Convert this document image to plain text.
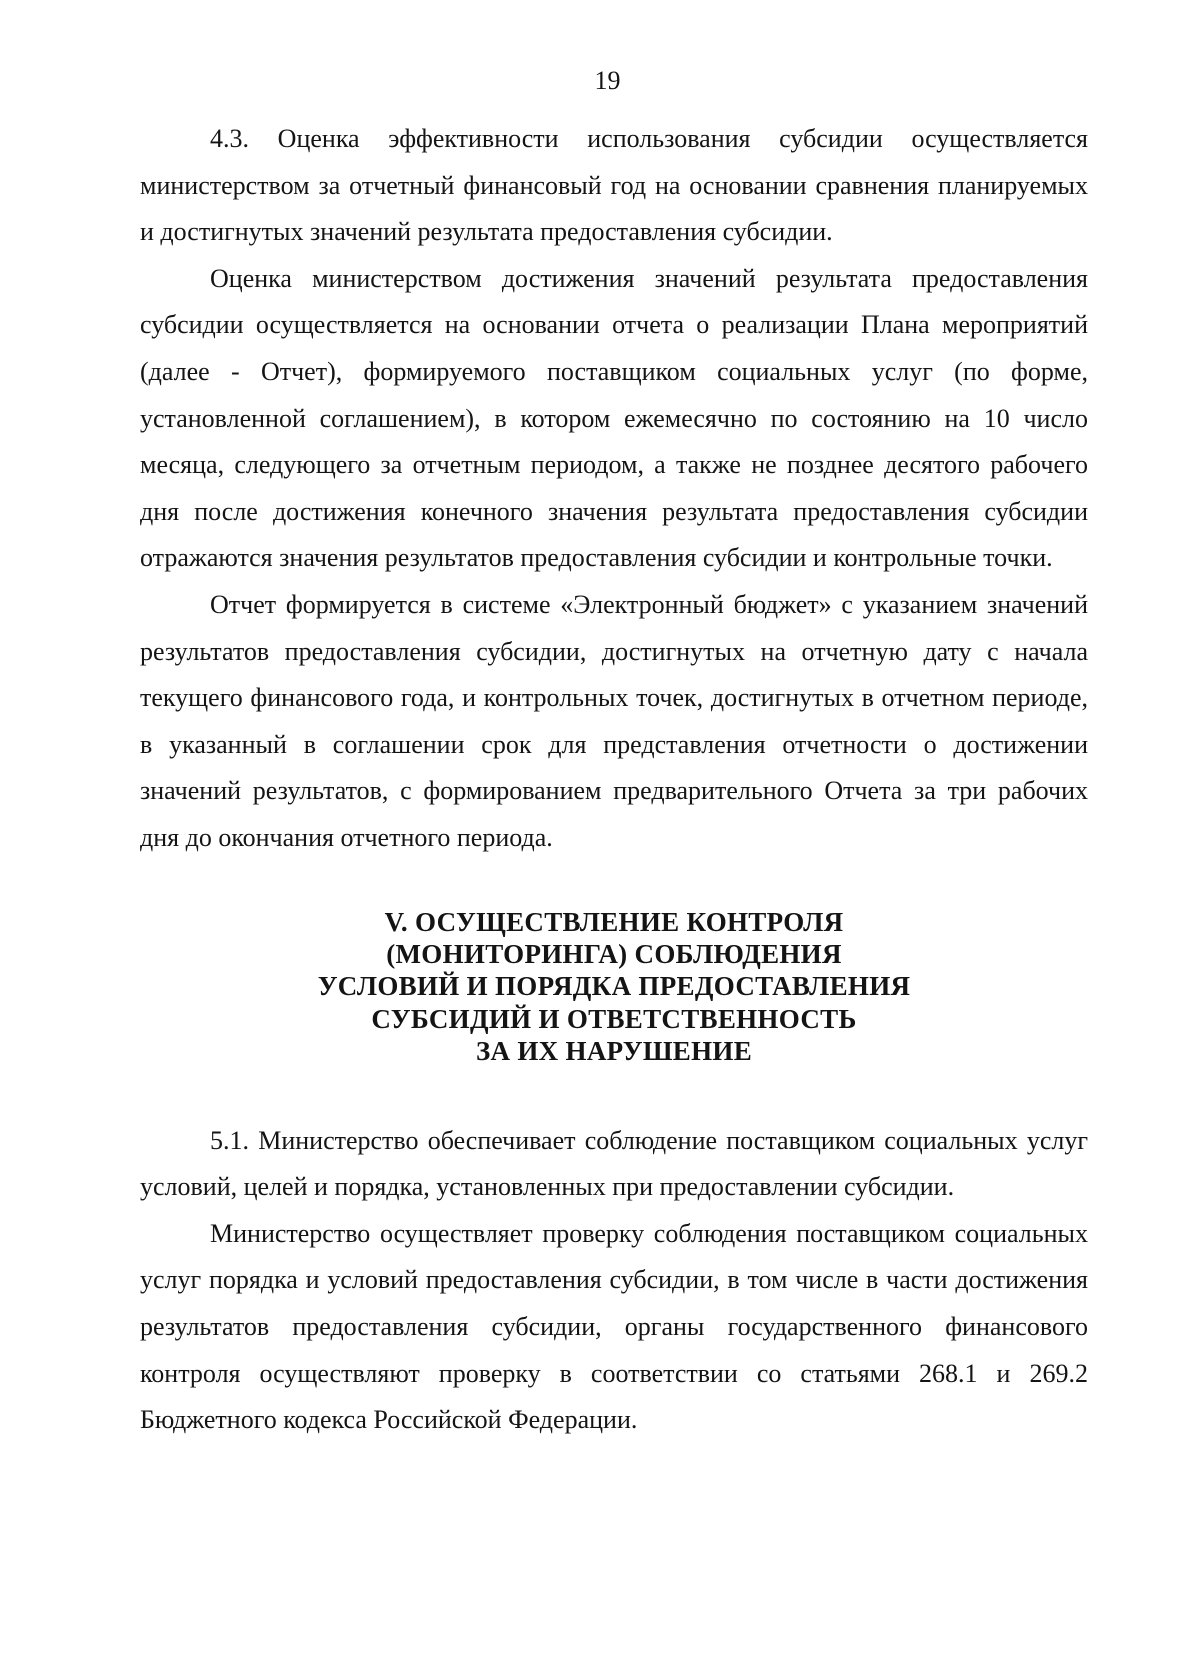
19

4.3. Оценка эффективности использования субсидии осуществляется министерством за отчетный финансовый год на основании сравнения планируемых и достигнутых значений результата предоставления субсидии.

Оценка министерством достижения значений результата предоставления субсидии осуществляется на основании отчета о реализации Плана мероприятий (далее - Отчет), формируемого поставщиком социальных услуг (по форме, установленной соглашением), в котором ежемесячно по состоянию на 10 число месяца, следующего за отчетным периодом, а также не позднее десятого рабочего дня после достижения конечного значения результата предоставления субсидии отражаются значения результатов предоставления субсидии и контрольные точки.

Отчет формируется в системе «Электронный бюджет» с указанием значений результатов предоставления субсидии, достигнутых на отчетную дату с начала текущего финансового года, и контрольных точек, достигнутых в отчетном периоде, в указанный в соглашении срок для представления отчетности о достижении значений результатов, с формированием предварительного Отчета за три рабочих дня до окончания отчетного периода.

V. ОСУЩЕСТВЛЕНИЕ КОНТРОЛЯ
(МОНИТОРИНГА) СОБЛЮДЕНИЯ
УСЛОВИЙ И ПОРЯДКА ПРЕДОСТАВЛЕНИЯ
СУБСИДИЙ И ОТВЕТСТВЕННОСТЬ
ЗА ИХ НАРУШЕНИЕ

5.1. Министерство обеспечивает соблюдение поставщиком социальных услуг условий, целей и порядка, установленных при предоставлении субсидии.

Министерство осуществляет проверку соблюдения поставщиком социальных услуг порядка и условий предоставления субсидии, в том числе в части достижения результатов предоставления субсидии, органы государственного финансового контроля осуществляют проверку в соответствии со статьями 268.1 и 269.2 Бюджетного кодекса Российской Федерации.
